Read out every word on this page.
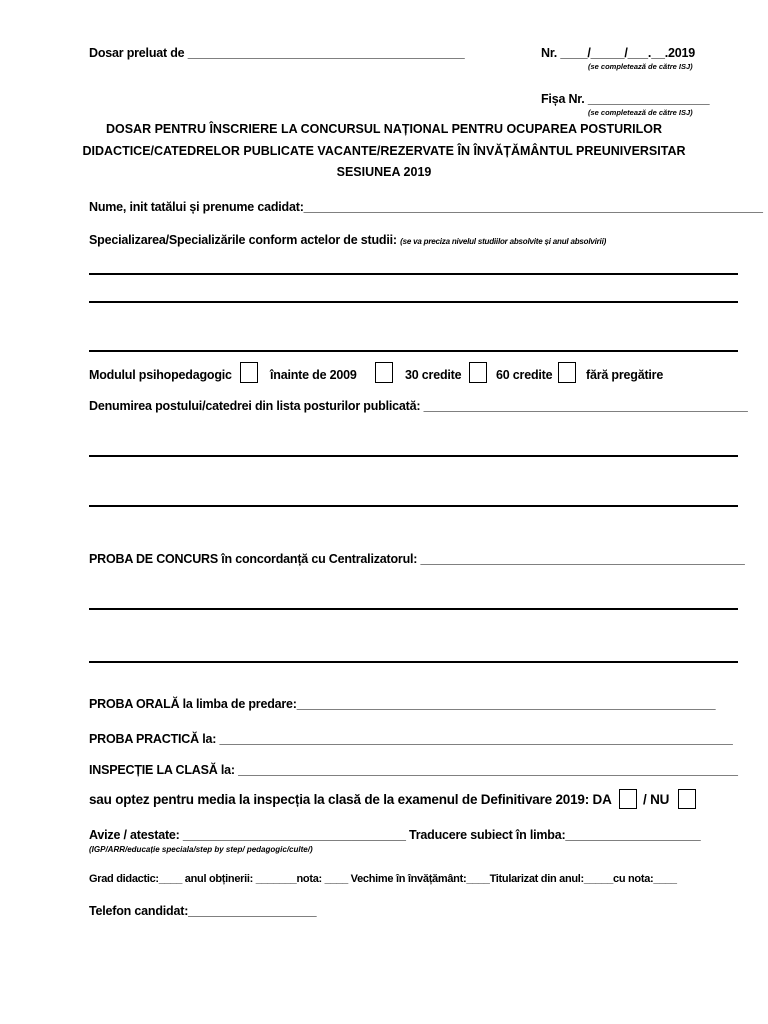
Dosar preluat de _________________________________________	Nr. ____/_____/___.__.2019
(se completează de către ISJ)
Fișa Nr. __________________
(se completează de către ISJ)
DOSAR PENTRU ÎNSCRIERE LA CONCURSUL NAȚIONAL PENTRU OCUPAREA POSTURILOR
DIDACTICE/CATEDRELOR PUBLICATE VACANTE/REZERVATE ÎN ÎNVĂȚĂMÂNTUL PREUNIVERSITAR
SESIUNEA 2019
Nume, init tatălui și prenume cadidat:____________________________________________________________________
Specializarea/Specializările conform actelor de studii: (se va preciza nivelul studiilor absolvite și anul absolvirii)
Modulul psihopedagogic	înainte de 2009	30 credite	60 credite	fără pregătire
Denumirea postului/catedrei din lista posturilor publicată: ________________________________________________
PROBA DE CONCURS în concordanță cu Centralizatorul: ________________________________________________
PROBA ORALĂ la limba de predare:______________________________________________________________
PROBA PRACTICĂ la: ____________________________________________________________________________
INSPECȚIE LA CLASĂ la: __________________________________________________________________________
sau optez pentru media la inspecția la clasă de la examenul de Definitivare 2019: DA / NU
Avize / atestate: _________________________________ Traducere subiect în limba:____________________
(IGP/ARR/educație speciala/step by step/ pedagogic/culte/)
Grad didactic:____ anul obținerii: _______nota: ____ Vechime în învățământ:____Titularizat din anul:_____cu nota:____
Telefon candidat:___________________
